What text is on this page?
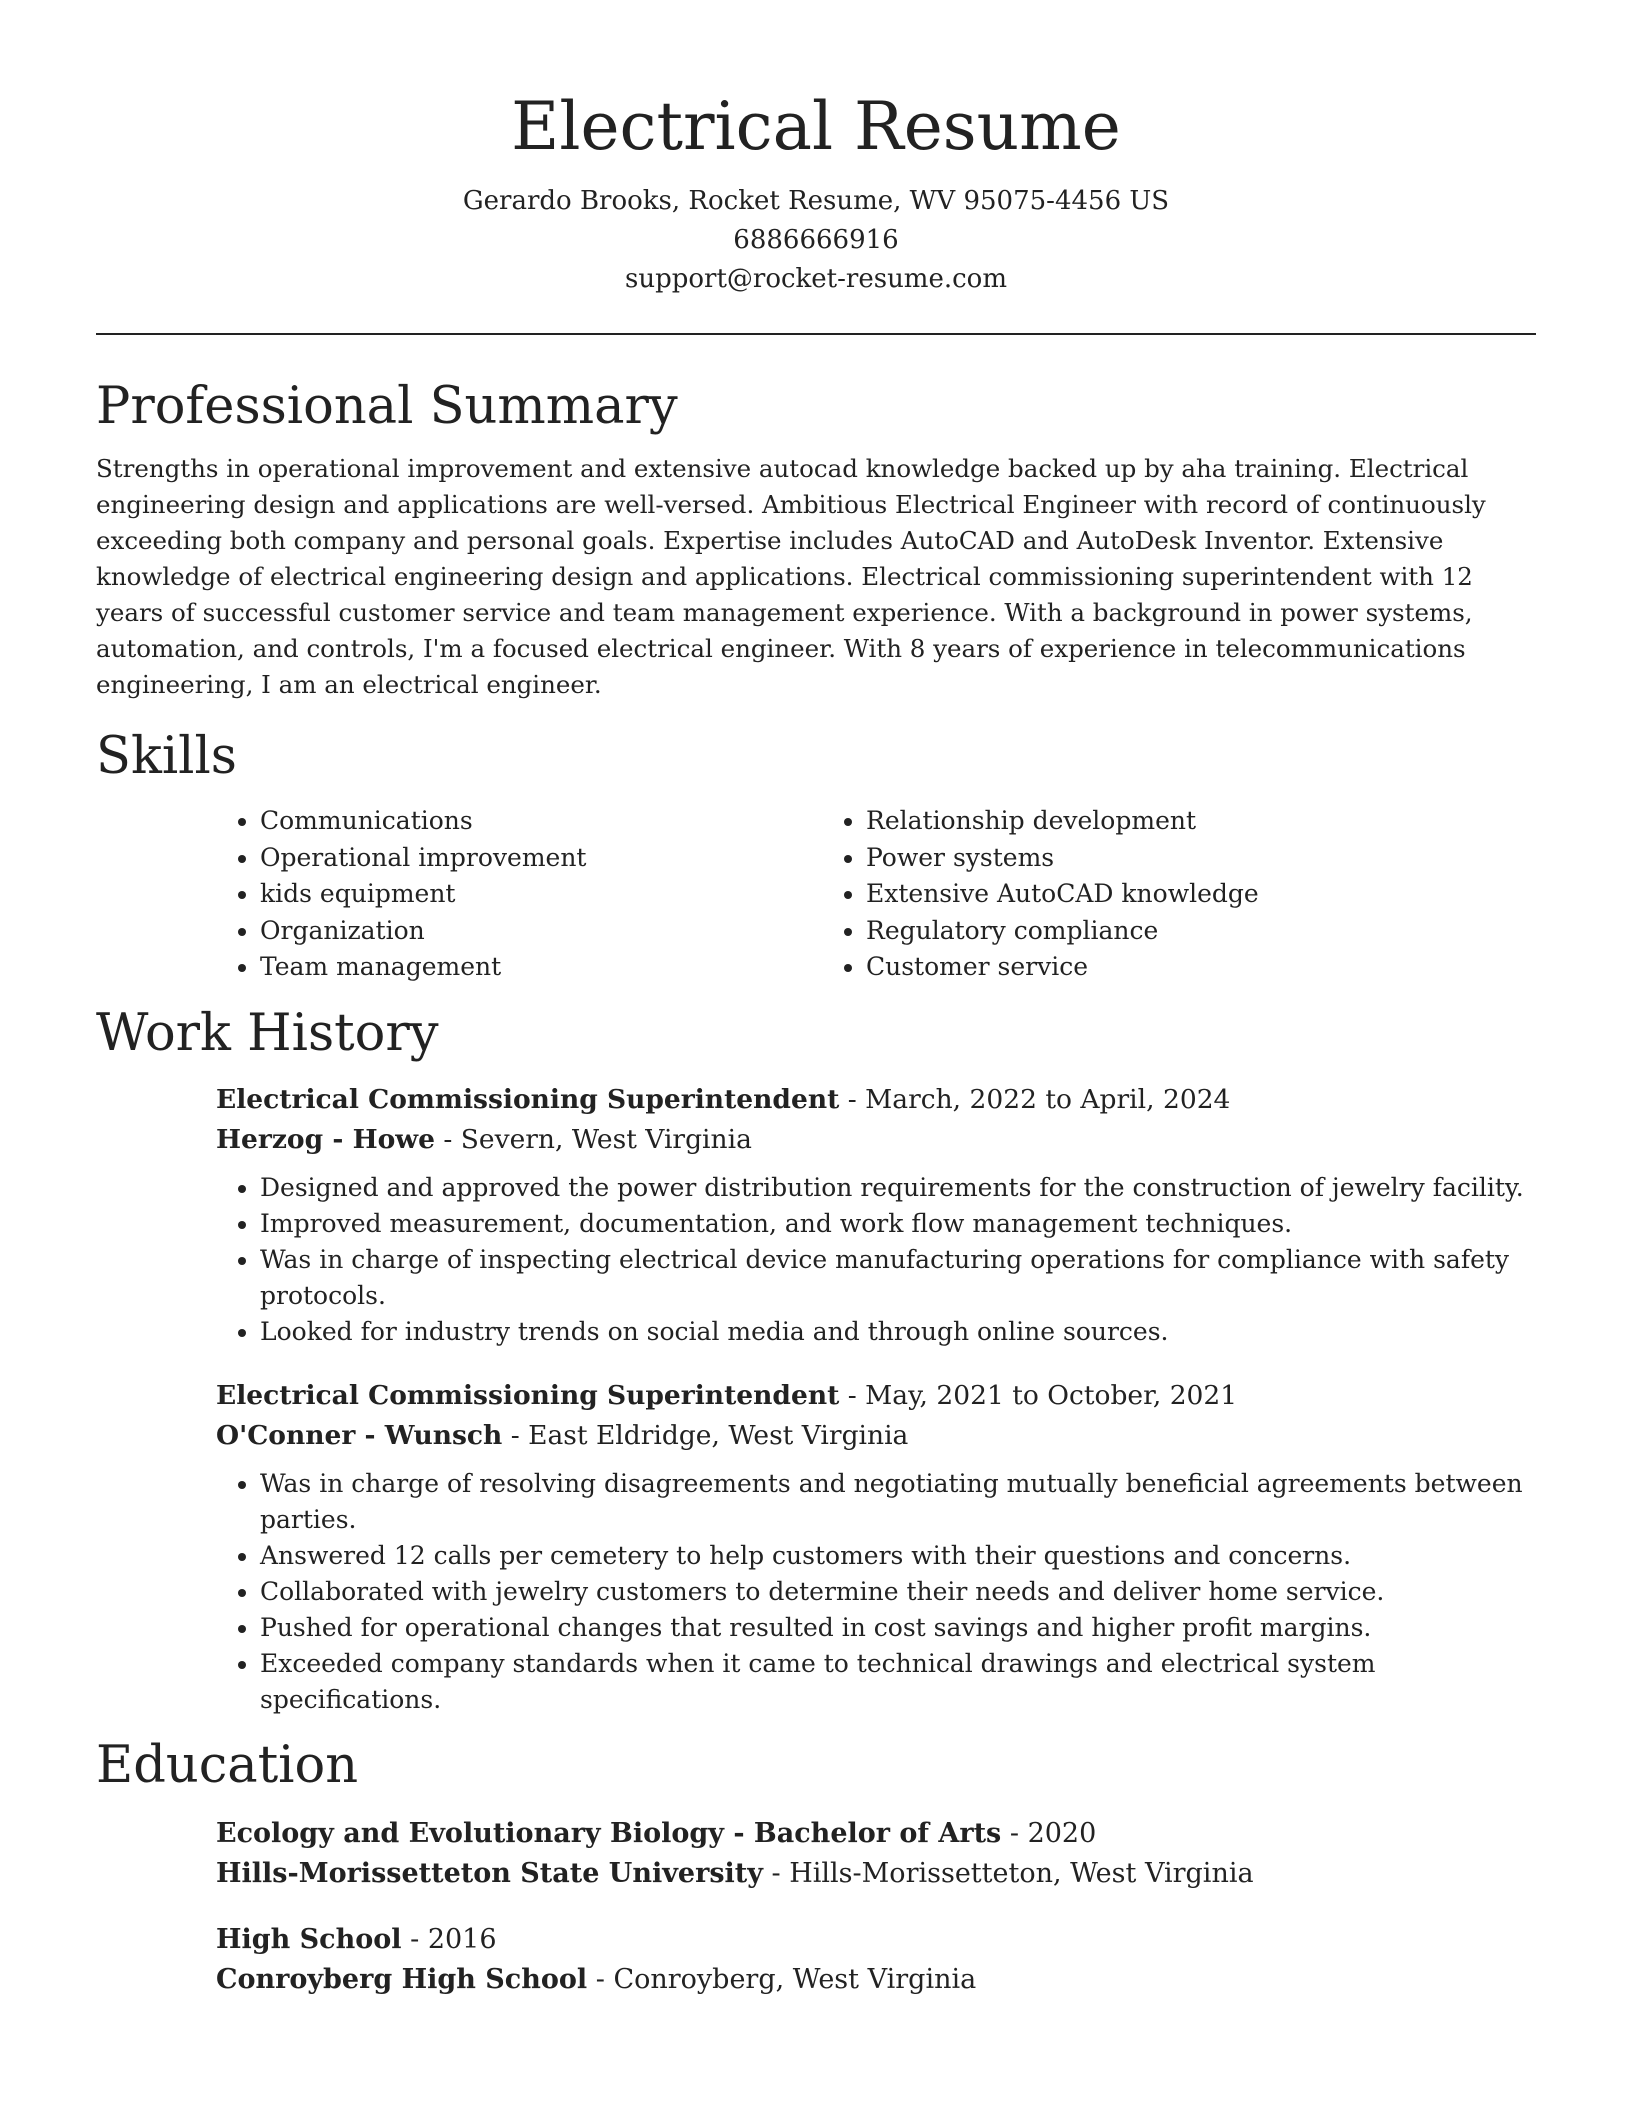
Electrical Resume
Gerardo Brooks, Rocket Resume, WV 95075-4456 US
6886666916
support@rocket-resume.com
Professional Summary

Strengths in operational improvement and extensive autocad knowledge backed up by aha training. Electrical engineering design and applications are well-versed. Ambitious Electrical Engineer with record of continuously exceeding both company and personal goals. Expertise includes AutoCAD and AutoDesk Inventor. Extensive knowledge of electrical engineering design and applications. Electrical commissioning superintendent with 12 years of successful customer service and team management experience. With a background in power systems, automation, and controls, I'm a focused electrical engineer. With 8 years of experience in telecommunications engineering, I am an electrical engineer.

Skills
• Communications
• Operational improvement
• kids equipment
• Organization
• Team management
• Relationship development
• Power systems
• Extensive AutoCAD knowledge
• Regulatory compliance
• Customer service
Work History
Electrical Commissioning Superintendent - March, 2022 to April, 2024
Herzog - Howe - Severn, West Virginia
• Designed and approved the power distribution requirements for the construction of jewelry facility.
• Improved measurement, documentation, and work flow management techniques.
• Was in charge of inspecting electrical device manufacturing operations for compliance with safety protocols.
• Looked for industry trends on social media and through online sources.
Electrical Commissioning Superintendent - May, 2021 to October, 2021
O'Conner - Wunsch - East Eldridge, West Virginia
• Was in charge of resolving disagreements and negotiating mutually beneficial agreements between parties.
• Answered 12 calls per cemetery to help customers with their questions and concerns.
• Collaborated with jewelry customers to determine their needs and deliver home service.
• Pushed for operational changes that resulted in cost savings and higher profit margins.
• Exceeded company standards when it came to technical drawings and electrical system specifications.
Education
Ecology and Evolutionary Biology - Bachelor of Arts - 2020
Hills-Morissetteton State University - Hills-Morissetteton, West Virginia
High School - 2016
Conroyberg High School - Conroyberg, West Virginia
